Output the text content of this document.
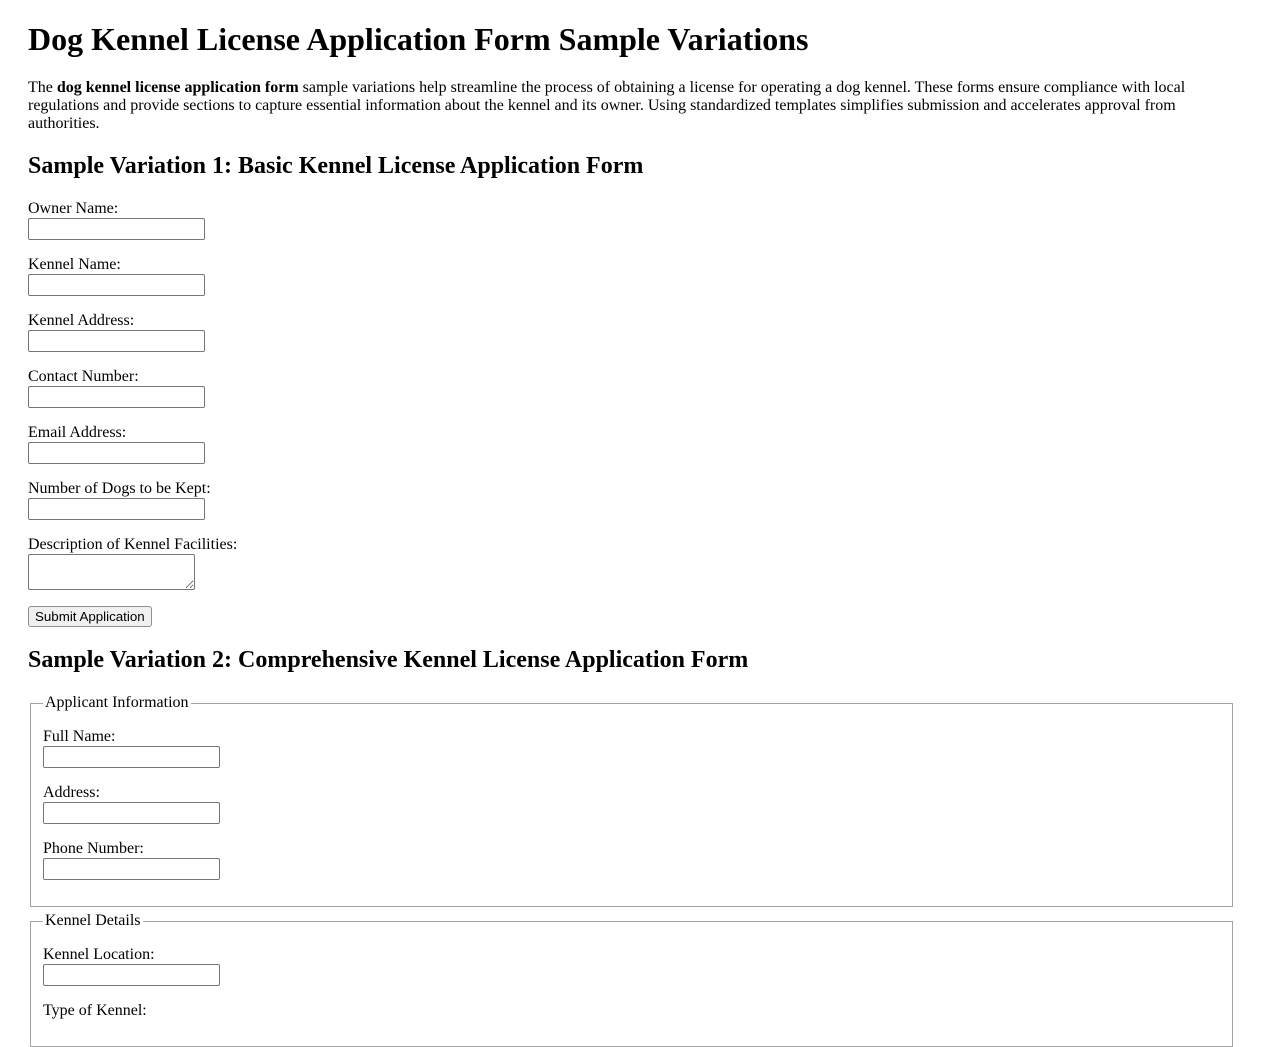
Dog Kennel License Application Form Sample Variations

The dog kennel license application form sample variations help streamline the process of obtaining a license for operating a dog kennel. These forms ensure compliance with local regulations and provide sections to capture essential information about the kennel and its owner. Using standardized templates simplifies submission and accelerates approval from authorities.

Sample Variation 1: Basic Kennel License Application Form

Owner Name:

Kennel Name:

Kennel Address:

Contact Number:

Email Address:

Number of Dogs to be Kept:

Description of Kennel Facilities:

Submit Application

Sample Variation 2: Comprehensive Kennel License Application Form
Applicant Information

Full Name:

Address:

Phone Number:

Kennel Details

Kennel Location:

Type of Kennel:
